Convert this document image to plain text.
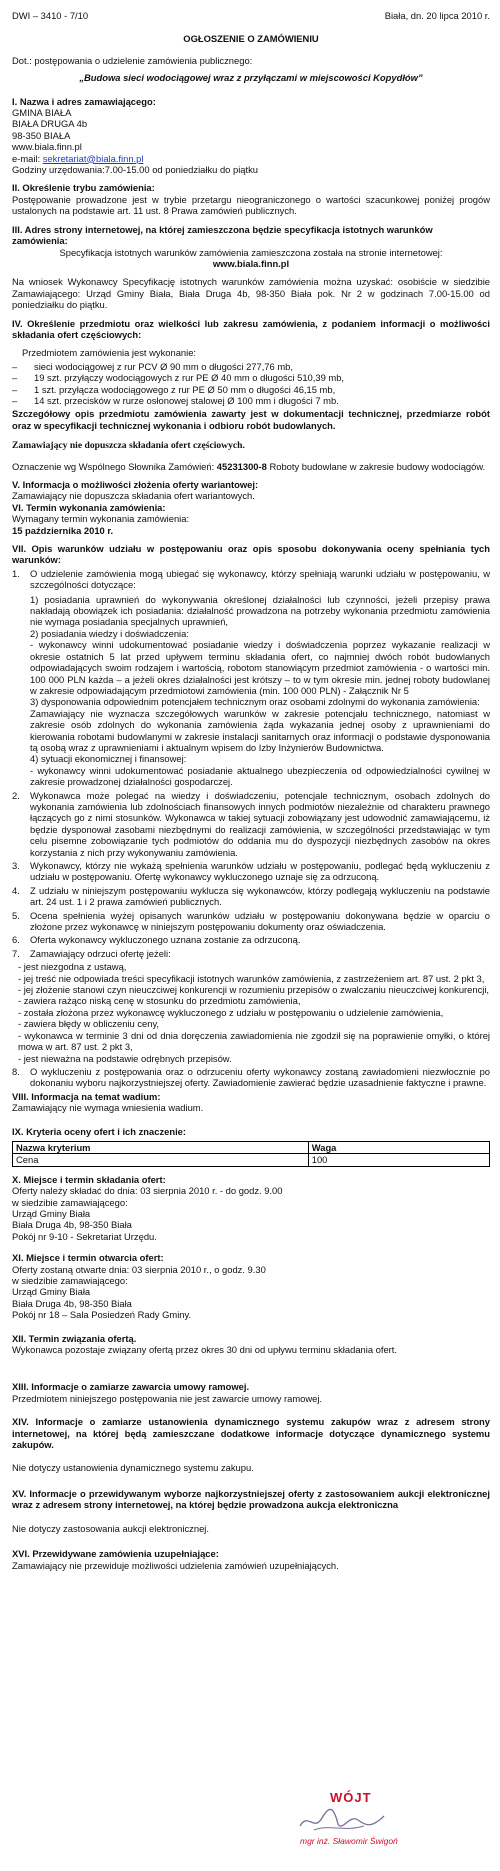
DWI – 3410 - 7/10	Biała, dn. 20 lipca 2010 r.

OGŁOSZENIE O ZAMÓWIENIU

Dot.: postępowania o udzielenie zamówienia publicznego:

„Budowa sieci wodociągowej wraz z przyłączami w miejscowości Kopydłów”

I. Nazwa i adres zamawiającego:

GMINA BIAŁA

BIAŁA DRUGA 4b

98-350 BIAŁA

www.biala.finn.pl

e-mail: sekretariat@biala.finn.pl

Godziny urzędowania:7.00-15.00 od poniedziałku do piątku

II. Określenie trybu zamówienia:

Postępowanie prowadzone jest w trybie przetargu nieograniczonego o wartości szacunkowej poniżej progów ustalonych na podstawie art. 11 ust. 8 Prawa zamówień publicznych.

III. Adres strony internetowej, na której zamieszczona będzie specyfikacja istotnych warunków zamówienia:

Specyfikacja istotnych warunków zamówienia zamieszczona została na stronie internetowej:

www.biala.finn.pl

Na wniosek Wykonawcy Specyfikację istotnych warunków zamówienia można uzyskać: osobiście w siedzibie Zamawiającego: Urząd Gminy Biała, Biała Druga 4b, 98-350 Biała pok. Nr 2 w godzinach 7.00-15.00 od poniedziałku do piątku.

IV. Określenie przedmiotu oraz wielkości lub zakresu zamówienia, z podaniem informacji o możliwości składania ofert częściowych:

Przedmiotem zamówienia jest wykonanie:

–	sieci wodociągowej z rur PCV Ø 90 mm o długości 277,76 mb,
–	19 szt. przyłączy wodociągowych z rur PE Ø 40 mm o długości 510,39 mb,
–	1 szt. przyłącza wodociągowego z rur PE Ø 50 mm o długości 46,15 mb,
–	14 szt. przecisków w rurze osłonowej stalowej Ø 100 mm i długości 7 mb.

Szczegółowy opis przedmiotu zamówienia zawarty jest w dokumentacji technicznej, przedmiarze robót oraz w specyfikacji technicznej wykonania i odbioru robót budowlanych.

Zamawiający nie dopuszcza składania ofert częściowych.

Oznaczenie wg Wspólnego Słownika Zamówień: 45231300-8 Roboty budowlane w zakresie budowy wodociągów.

V. Informacja o możliwości złożenia oferty wariantowej:

Zamawiający nie dopuszcza składania ofert wariantowych.

VI. Termin wykonania zamówienia:

Wymagany termin wykonania zamówienia:

15 października 2010 r.

VII. Opis warunków udziału w postępowaniu oraz opis sposobu dokonywania oceny spełniania tych warunków:

1.	O udzielenie zamówienia mogą ubiegać się wykonawcy, którzy spełniają warunki udziału w postępowaniu, w szczególności dotyczące:

1) posiadania uprawnień do wykonywania określonej działalności lub czynności, jeżeli przepisy prawa nakładają obowiązek ich posiadania: działalność prowadzona na potrzeby wykonania przedmiotu zamówienia nie wymaga posiadania specjalnych uprawnień,

2) posiadania wiedzy i doświadczenia:

- wykonawcy winni udokumentować posiadanie wiedzy i doświadczenia poprzez wykazanie realizacji w okresie ostatnich 5 lat przed upływem terminu składania ofert, co najmniej dwóch robót budowlanych odpowiadających swoim rodzajem i wartością, robotom stanowiącym przedmiot zamówienia - o wartości min. 100 000 PLN każda – a jeżeli okres działalności jest krótszy – to w tym okresie min. jednej roboty budowlanej w zakresie odpowiadającym przedmiotowi zamówienia (min. 100 000 PLN) - Załącznik Nr 5

3) dysponowania odpowiednim potencjałem technicznym oraz osobami zdolnymi do wykonania zamówienia:

Zamawiający nie wyznacza szczegółowych warunków w zakresie potencjału technicznego, natomiast w zakresie osób zdolnych do wykonania zamówienia żąda wykazania jednej osoby z uprawnieniami do kierowania robotami budowlanymi w zakresie instalacji sanitarnych oraz informacji o podstawie dysponowania tą osobą wraz z uprawnieniami i aktualnym wpisem do Izby Inżynierów Budownictwa.

4) sytuacji ekonomicznej i finansowej:

- wykonawcy winni udokumentować posiadanie aktualnego ubezpieczenia od odpowiedzialności cywilnej w zakresie prowadzonej działalności gospodarczej.

2.	Wykonawca może polegać na wiedzy i doświadczeniu, potencjale technicznym, osobach zdolnych do wykonania zamówienia lub zdolnościach finansowych innych podmiotów niezależnie od charakteru prawnego łączących go z nimi stosunków. Wykonawca w takiej sytuacji zobowiązany jest udowodnić zamawiającemu, iż będzie dysponował zasobami niezbędnymi do realizacji zamówienia, w szczególności przedstawiając w tym celu pisemne zobowiązanie tych podmiotów do oddania mu do dyspozycji niezbędnych zasobów na okres korzystania z nich przy wykonywaniu zamówienia.

3.	Wykonawcy, którzy nie wykażą spełnienia warunków udziału w postępowaniu, podlegać będą wykluczeniu z udziału w postępowaniu. Ofertę wykonawcy wykluczonego uznaje się za odrzuconą.

4.	Z udziału w niniejszym postępowaniu wyklucza się wykonawców, którzy podlegają wykluczeniu na podstawie art. 24 ust. 1 i 2 prawa zamówień publicznych.

5.	Ocena spełnienia wyżej opisanych warunków udziału w postępowaniu dokonywana będzie w oparciu o złożone przez wykonawcę w niniejszym postępowaniu dokumenty oraz oświadczenia.

6.	Oferta wykonawcy wykluczonego uznana zostanie za odrzuconą.

7.	Zamawiający odrzuci ofertę jeżeli:

- jest niezgodna z ustawą,

- jej treść nie odpowiada treści specyfikacji istotnych warunków zamówienia, z zastrzeżeniem art. 87 ust. 2 pkt 3,

- jej złożenie stanowi czyn nieuczciwej konkurencji w rozumieniu przepisów o zwalczaniu nieuczciwej konkurencji,

- zawiera rażąco niską cenę w stosunku do przedmiotu zamówienia,

- została złożona przez wykonawcę wykluczonego z udziału w postępowaniu o udzielenie zamówienia,

- zawiera błędy w obliczeniu ceny,

- wykonawca w terminie 3 dni od dnia doręczenia zawiadomienia nie zgodził się na poprawienie omyłki, o której mowa w art. 87 ust. 2 pkt 3,

- jest nieważna na podstawie odrębnych przepisów.

8.	O wykluczeniu z postępowania oraz o odrzuceniu oferty wykonawcy zostaną zawiadomieni niezwłocznie po dokonaniu wyboru najkorzystniejszej oferty. Zawiadomienie zawierać będzie uzasadnienie faktyczne i prawne.

VIII. Informacja na temat wadium:

Zamawiający nie wymaga wniesienia wadium.

IX. Kryteria oceny ofert i ich znaczenie:

Nazwa kryterium	Waga
Cena	100

X. Miejsce i termin składania ofert:

Oferty należy składać do dnia: 03 sierpnia 2010 r. - do godz. 9.00

w siedzibie zamawiającego:

Urząd Gminy Biała

Biała Druga 4b, 98-350 Biała

Pokój nr 9-10 - Sekretariat Urzędu.

XI. Miejsce i termin otwarcia ofert:

Oferty zostaną otwarte dnia: 03 sierpnia 2010 r., o godz. 9.30

w siedzibie zamawiającego:

Urząd Gminy Biała

Biała Druga 4b, 98-350 Biała

Pokój nr 18 – Sala Posiedzeń Rady Gminy.

XII. Termin związania ofertą.

Wykonawca pozostaje związany ofertą przez okres 30 dni od upływu terminu składania ofert.

XIII. Informacje o zamiarze zawarcia umowy ramowej.

Przedmiotem niniejszego postępowania nie jest zawarcie umowy ramowej.

XIV. Informacje o zamiarze ustanowienia dynamicznego systemu zakupów wraz z adresem strony internetowej, na której będą zamieszczane dodatkowe informacje dotyczące dynamicznego systemu zakupów.

Nie dotyczy ustanowienia dynamicznego systemu zakupu.

XV. Informacje o przewidywanym wyborze najkorzystniejszej oferty z zastosowaniem aukcji elektronicznej wraz z adresem strony internetowej, na której będzie prowadzona aukcja elektroniczna

Nie dotyczy zastosowania aukcji elektronicznej.

XVI. Przewidywane zamówienia uzupełniające:

Zamawiający nie przewiduje możliwości udzielenia zamówień uzupełniających.

WÓJT
mgr inż. Sławomir Świgoń
